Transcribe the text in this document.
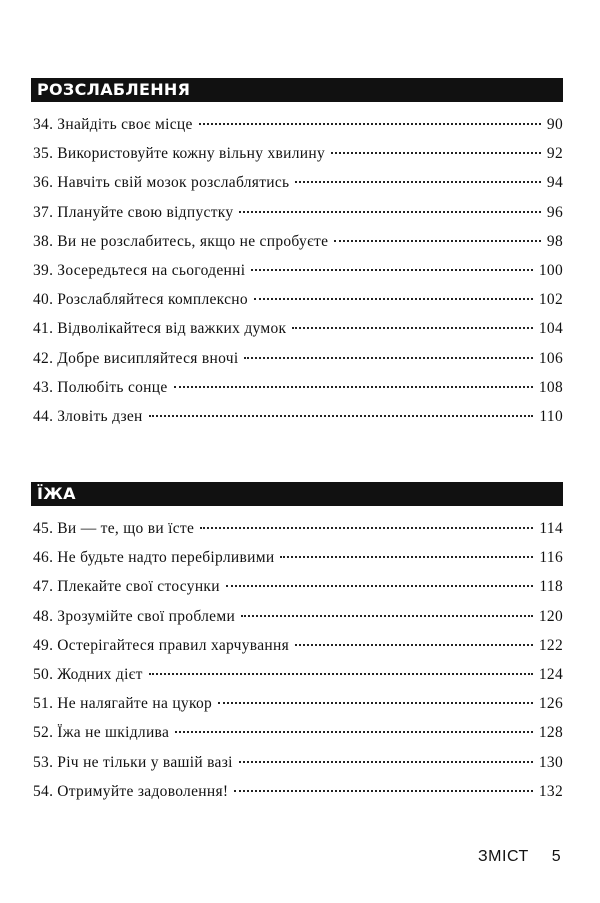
РОЗСЛАБЛЕННЯ
34. Знайдіть своє місце	90
35. Використовуйте кожну вільну хвилину	92
36. Навчіть свій мозок розслаблятись	94
37. Плануйте свою відпустку	96
38. Ви не розслабитесь, якщо не спробуєте	98
39. Зосередьтеся на сьогоденні	100
40. Розслабляйтеся комплексно	102
41. Відволікайтеся від важких думок	104
42. Добре висипляйтеся вночі	106
43. Полюбіть сонце	108
44. Зловіть дзен	110
ЇЖА
45. Ви — те, що ви їсте	114
46. Не будьте надто перебірливими	116
47. Плекайте свої стосунки	118
48. Зрозумійте свої проблеми	120
49. Остерігайтеся правил харчування	122
50. Жодних дієт	124
51. Не налягайте на цукор	126
52. Їжа не шкідлива	128
53. Річ не тільки у вашій вазі	130
54. Отримуйте задоволення!	132
ЗМІСТ 5
